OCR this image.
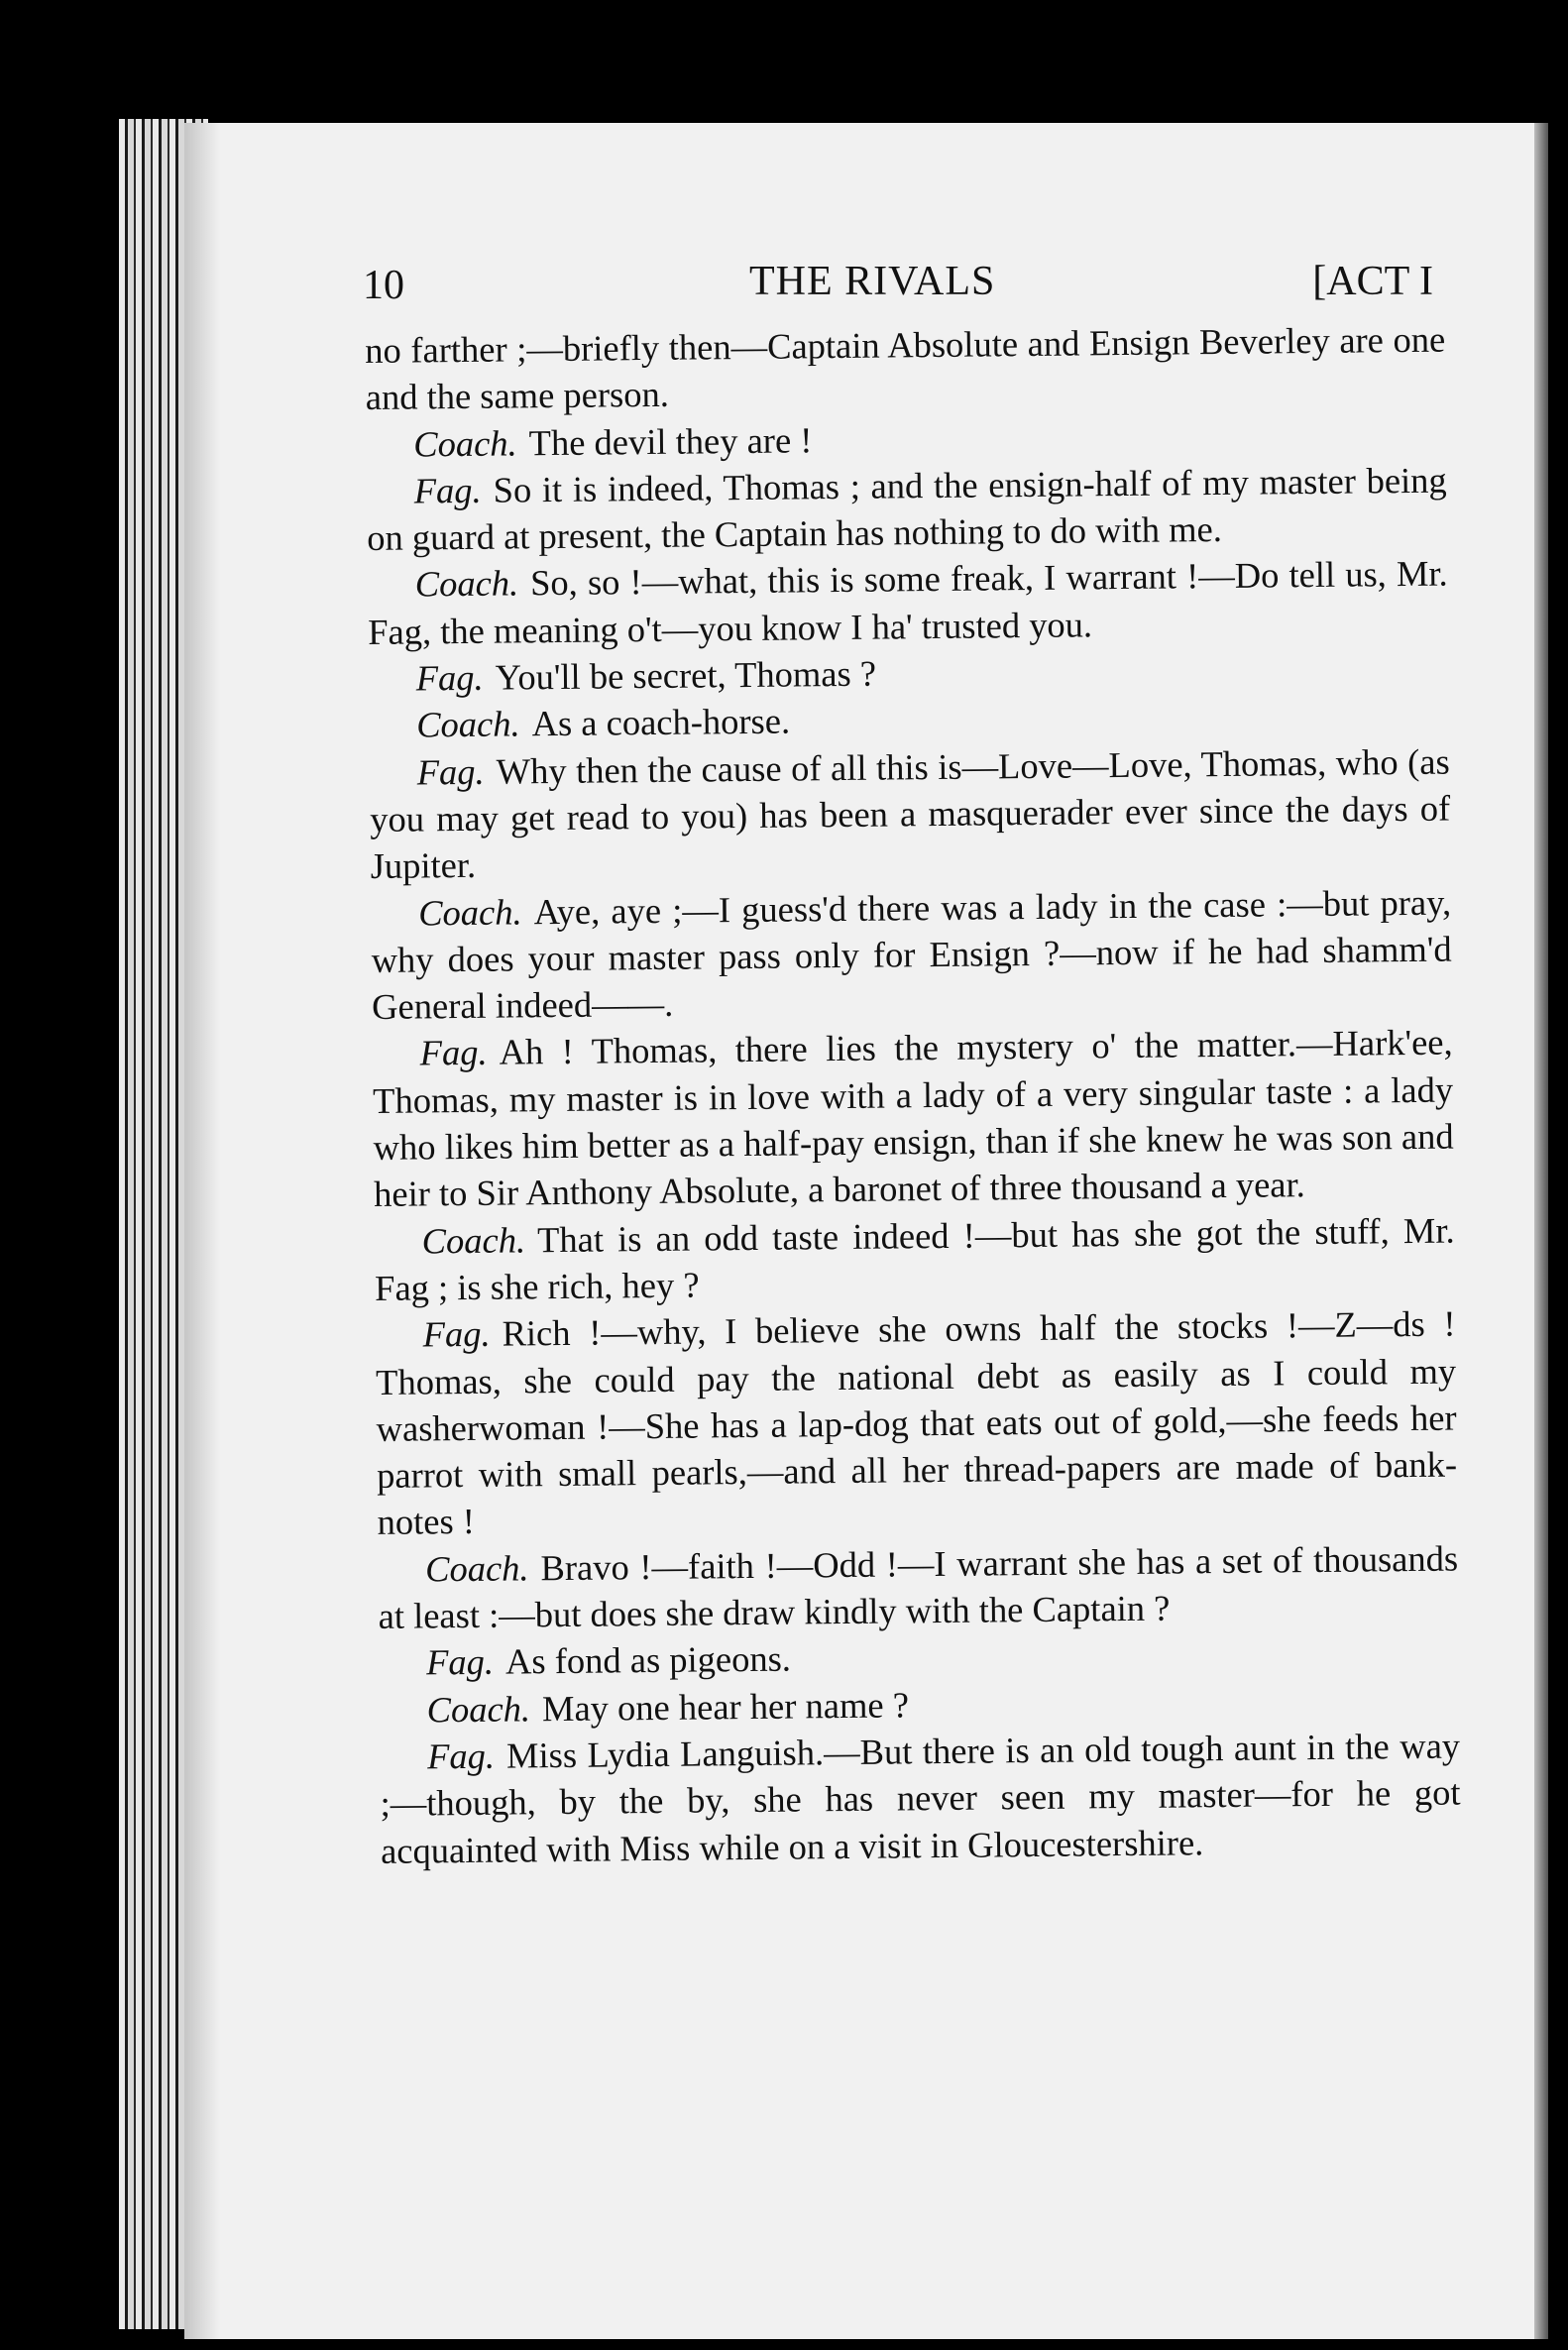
10	THE RIVALS	[ACT I

no farther ;—briefly then—Captain Absolute and Ensign Beverley are one and the same person.

Coach. The devil they are !

Fag. So it is indeed, Thomas ; and the ensign-half of my master being on guard at present, the Captain has nothing to do with me.

Coach. So, so !—what, this is some freak, I warrant !—Do tell us, Mr. Fag, the meaning o't—you know I ha' trusted you.

Fag. You'll be secret, Thomas ?

Coach. As a coach-horse.

Fag. Why then the cause of all this is—Love—Love, Thomas, who (as you may get read to you) has been a masquerader ever since the days of Jupiter.

Coach. Aye, aye ;—I guess'd there was a lady in the case :—but pray, why does your master pass only for Ensign ?—now if he had shamm'd General indeed——.

Fag. Ah ! Thomas, there lies the mystery o' the matter.—Hark'ee, Thomas, my master is in love with a lady of a very singular taste : a lady who likes him better as a half-pay ensign, than if she knew he was son and heir to Sir Anthony Absolute, a baronet of three thousand a year.

Coach. That is an odd taste indeed !—but has she got the stuff, Mr. Fag ; is she rich, hey ?

Fag. Rich !—why, I believe she owns half the stocks !—Z—ds ! Thomas, she could pay the national debt as easily as I could my washerwoman !—She has a lap-dog that eats out of gold,—she feeds her parrot with small pearls,—and all her thread-papers are made of bank-notes !

Coach. Bravo !—faith !—Odd !—I warrant she has a set of thousands at least :—but does she draw kindly with the Captain ?

Fag. As fond as pigeons.

Coach. May one hear her name ?

Fag. Miss Lydia Languish.—But there is an old tough aunt in the way ;—though, by the by, she has never seen my master—for he got acquainted with Miss while on a visit in Gloucestershire.
